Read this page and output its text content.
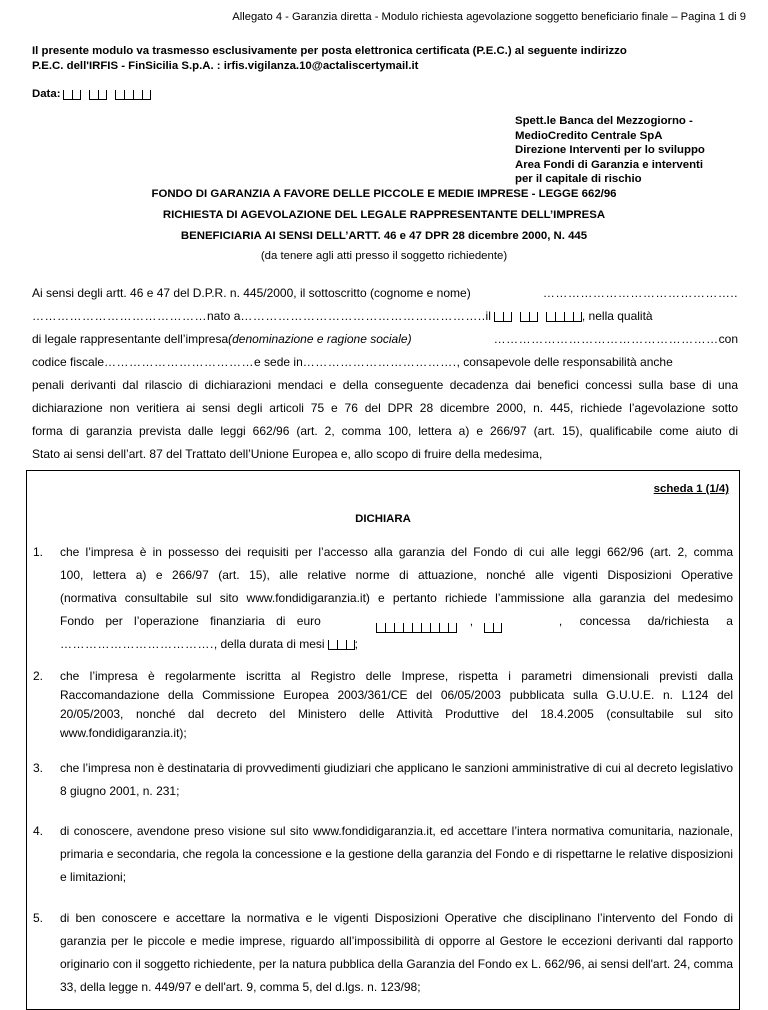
Allegato 4 - Garanzia diretta - Modulo richiesta agevolazione soggetto beneficiario finale – Pagina 1 di 9
Il presente modulo va trasmesso esclusivamente per posta elettronica certificata (P.E.C.) al seguente indirizzo
P.E.C. dell'IRFIS - FinSicilia S.p.A. : irfis.vigilanza.10@actaliscertymail.it
Data:
Spett.le Banca del Mezzogiorno -
MedioCredito Centrale SpA
Direzione Interventi per lo sviluppo
Area Fondi di Garanzia e interventi
per il capitale di rischio
FONDO DI GARANZIA A FAVORE DELLE PICCOLE E MEDIE IMPRESE - LEGGE 662/96
RICHIESTA DI AGEVOLAZIONE DEL LEGALE RAPPRESENTANTE DELL’IMPRESA
BENEFICIARIA AI SENSI DELL’ARTT. 46 e 47 DPR 28 dicembre 2000, N. 445
(da tenere agli atti presso il soggetto richiedente)
Ai sensi degli artt. 46 e 47 del D.P.R. n. 445/2000, il sottoscritto (cognome e nome)	………………………………………..
…………………………………… nato a ………………………………………………….. il	, nella qualità
di legale rappresentante dell’impresa (denominazione e ragione sociale)	……………………………………………… con
codice fiscale ……………………………… e sede in ………………………………. , consapevole delle responsabilità anche
penali derivanti dal rilascio di dichiarazioni mendaci e della conseguente decadenza dai benefici concessi sulla base di una
dichiarazione non veritiera ai sensi degli articoli 75 e 76 del DPR 28 dicembre 2000, n. 445, richiede l’agevolazione sotto
forma di garanzia prevista dalle leggi 662/96 (art. 2, comma 100, lettera a) e 266/97 (art. 15), qualificabile come aiuto di
Stato ai sensi dell’art. 87 del Trattato dell’Unione Europea e, allo scopo di fruire della medesima,
scheda 1 (1/4)
DICHIARA
1. che l’impresa è in possesso dei requisiti per l’accesso alla garanzia del Fondo di cui alle leggi 662/96 (art. 2, comma
100, lettera a) e 266/97 (art. 15), alle relative norme di attuazione, nonché alle vigenti Disposizioni Operative
(normativa consultabile sul sito www.fondidigaranzia.it) e pertanto richiede l’ammissione alla garanzia del medesimo
Fondo per l’operazione finanziaria di euro	,	, concessa da/richiesta a
………………………………. , della durata di mesi	;
2. che l’impresa è regolarmente iscritta al Registro delle Imprese, rispetta i parametri dimensionali previsti dalla Raccomandazione della Commissione Europea 2003/361/CE del 06/05/2003 pubblicata sulla G.U.U.E. n. L124 del 20/05/2003, nonché dal decreto del Ministero delle Attività Produttive del 18.4.2005 (consultabile sul sito www.fondidigaranzia.it);
3. che l’impresa non è destinataria di provvedimenti giudiziari che applicano le sanzioni amministrative di cui al decreto legislativo 8 giugno 2001, n. 231;
4. di conoscere, avendone preso visione sul sito www.fondidigaranzia.it, ed accettare l’intera normativa comunitaria, nazionale, primaria e secondaria, che regola la concessione e la gestione della garanzia del Fondo e di rispettarne le relative disposizioni e limitazioni;
5. di ben conoscere e accettare la normativa e le vigenti Disposizioni Operative che disciplinano l’intervento del Fondo di garanzia per le piccole e medie imprese, riguardo all’impossibilità di opporre al Gestore le eccezioni derivanti dal rapporto originario con il soggetto richiedente, per la natura pubblica della Garanzia del Fondo ex L. 662/96, ai sensi dell'art. 24, comma 33, della legge n. 449/97 e dell'art. 9, comma 5, del d.lgs. n. 123/98;
